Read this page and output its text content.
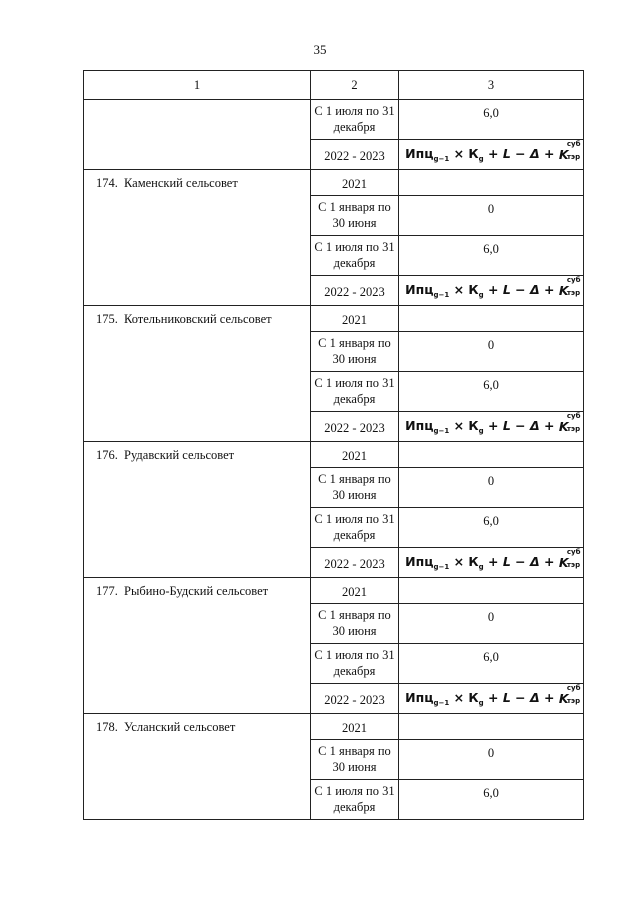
35
1	2	3
	С 1 июля по 31 декабря	6,0
	2022 - 2023	$Ипц_{g-1} \times К_g + L - \Delta + K$
суб
тэр

174. Каменский сельсовет	2021	
	С 1 января по 30 июня	0
	С 1 июля по 31 декабря	6,0
	2022 - 2023	$Ипц_{g-1} \times К_g + L - \Delta + K$
суб
тэр

175. Котельниковский сельсовет	2021	
	С 1 января по 30 июня	0
	С 1 июля по 31 декабря	6,0
	2022 - 2023	$Ипц_{g-1} \times К_g + L - \Delta + K$
суб
тэр

176. Рудавский сельсовет	2021	
	С 1 января по 30 июня	0
	С 1 июля по 31 декабря	6,0
	2022 - 2023	$Ипц_{g-1} \times К_g + L - \Delta + K$
суб
тэр

177. Рыбино-Будский сельсовет	2021	
	С 1 января по 30 июня	0
	С 1 июля по 31 декабря	6,0
	2022 - 2023	$Ипц_{g-1} \times К_g + L - \Delta + K$
суб
тэр

178. Усланский сельсовет	2021	
	С 1 января по 30 июня	0
	С 1 июля по 31 декабря	6,0
